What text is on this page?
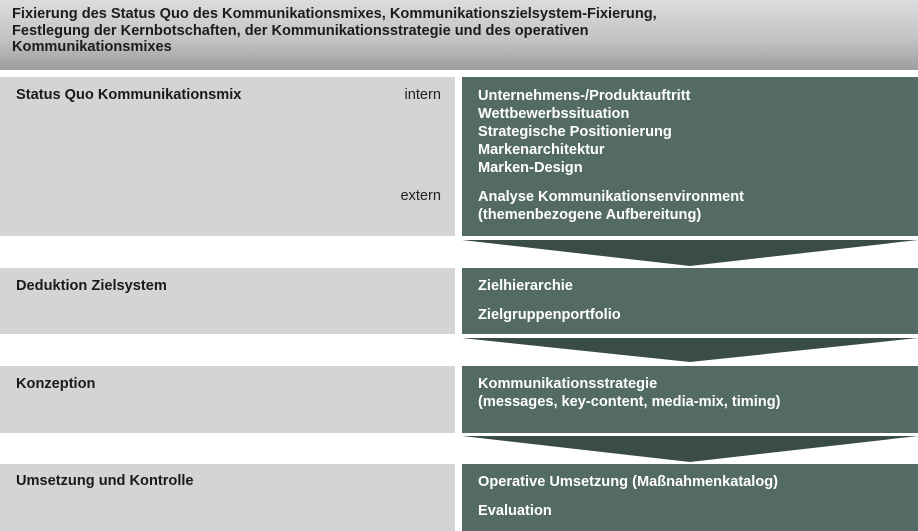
Fixierung des Status Quo des Kommunikationsmixes, Kommunikationszielsystem-Fixierung,
Festlegung der Kernbotschaften, der Kommunikationsstrategie und des operativen
Kommunikationsmixes
Status Quo Kommunikationsmix	intern
extern
Unternehmens-/Produktauftritt
Wettbewerbssituation
Strategische Positionierung
Markenarchitektur
Marken-Design
Analyse Kommunikationsenvironment
(themenbezogene Aufbereitung)
Deduktion Zielsystem	Zielhierarchie
Zielgruppenportfolio
Konzeption	Kommunikationsstrategie
(messages, key-content, media-mix, timing)
Umsetzung und Kontrolle	Operative Umsetzung (Maßnahmenkatalog)
Evaluation
